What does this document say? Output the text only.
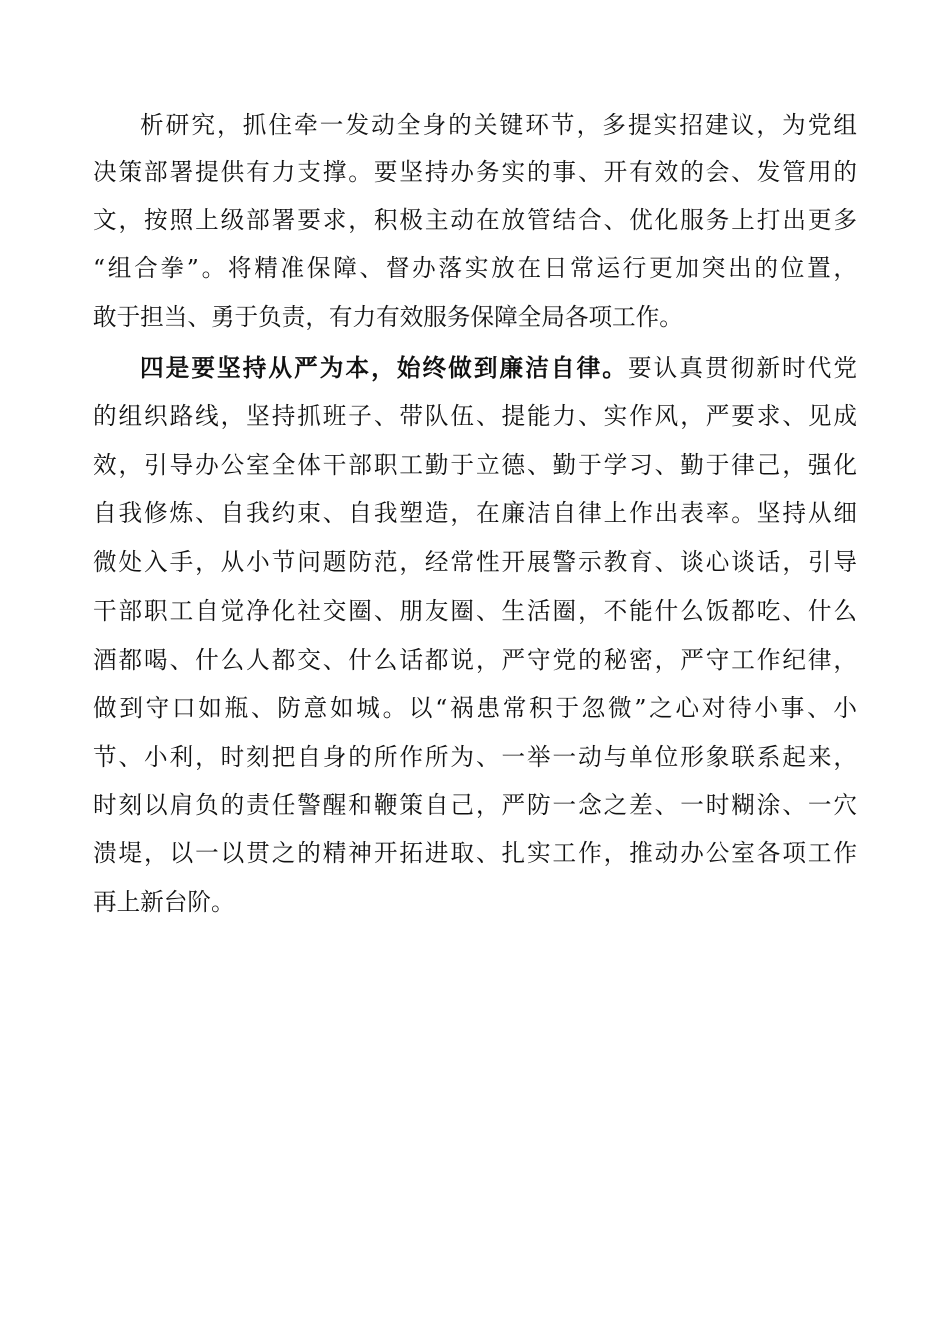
析研究，抓住牵一发动全身的关键环节，多提实招建议，为党组
决策部署提供有力支撑。要坚持办务实的事、开有效的会、发管用的
文，按照上级部署要求，积极主动在放管结合、优化服务上打出更多
“组合拳”。将精准保障、督办落实放在日常运行更加突出的位置，
敢于担当、勇于负责，有力有效服务保障全局各项工作。
四是要坚持从严为本，始终做到廉洁自律。要认真贯彻新时代党
的组织路线，坚持抓班子、带队伍、提能力、实作风，严要求、见成
效，引导办公室全体干部职工勤于立德、勤于学习、勤于律己，强化
自我修炼、自我约束、自我塑造，在廉洁自律上作出表率。坚持从细
微处入手，从小节问题防范，经常性开展警示教育、谈心谈话，引导
干部职工自觉净化社交圈、朋友圈、生活圈，不能什么饭都吃、什么
酒都喝、什么人都交、什么话都说，严守党的秘密，严守工作纪律，
做到守口如瓶、防意如城。以“祸患常积于忽微”之心对待小事、小
节、小利，时刻把自身的所作所为、一举一动与单位形象联系起来，
时刻以肩负的责任警醒和鞭策自己，严防一念之差、一时糊涂、一穴
溃堤，以一以贯之的精神开拓进取、扎实工作，推动办公室各项工作
再上新台阶。
